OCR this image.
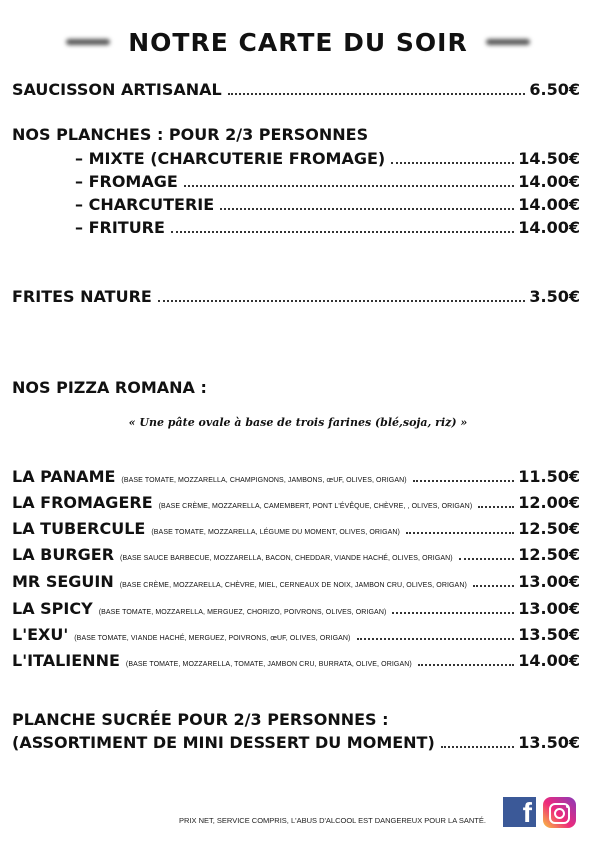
NOTRE CARTE DU SOIR
SAUCISSON ARTISANAL	6.50€
NOS PLANCHES : POUR 2/3 PERSONNES
– MIXTE (CHARCUTERIE FROMAGE)	14.50€
– FROMAGE	14.00€
– CHARCUTERIE	14.00€
– FRITURE	14.00€
FRITES NATURE	3.50€
NOS PIZZA ROMANA :
« Une pâte ovale à base de trois farines (blé,soja, riz) »
LA PANAME (BASE TOMATE, MOZZARELLA, CHAMPIGNONS, JAMBONS, œUF, OLIVES, ORIGAN)	11.50€
LA FROMAGERE (BASE CRÈME, MOZZARELLA, CAMEMBERT, PONT L'ÉVÊQUE, CHÈVRE, , OLIVES, ORIGAN)	12.00€
LA TUBERCULE (BASE TOMATE, MOZZARELLA, LÉGUME DU MOMENT, OLIVES, ORIGAN)	12.50€
LA BURGER (BASE SAUCE BARBECUE, MOZZARELLA, BACON, CHEDDAR, VIANDE HACHÉ, OLIVES, ORIGAN)	12.50€
MR SEGUIN (BASE CRÈME, MOZZARELLA, CHÈVRE, MIEL, CERNEAUX DE NOIX, JAMBON CRU, OLIVES, ORIGAN)	13.00€
LA SPICY (BASE TOMATE, MOZZARELLA, MERGUEZ, CHORIZO, POIVRONS, OLIVES, ORIGAN)	13.00€
L'EXU' (BASE TOMATE, VIANDE HACHÉ, MERGUEZ, POIVRONS, œUF, OLIVES, ORIGAN)	13.50€
L'ITALIENNE (BASE TOMATE, MOZZARELLA, TOMATE, JAMBON CRU, BURRATA, OLIVE, ORIGAN)	14.00€
PLANCHE SUCRÉE POUR 2/3 PERSONNES :
(ASSORTIMENT DE MINI DESSERT DU MOMENT)	13.50€
PRIX NET, SERVICE COMPRIS, L'ABUS D'ALCOOL EST DANGEREUX POUR LA SANTÉ. f
